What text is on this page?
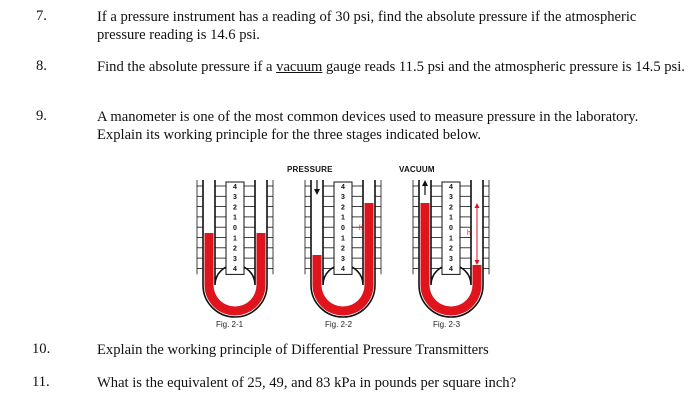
7.	If a pressure instrument has a reading of 30 psi, find the absolute pressure if the atmospheric pressure reading is 14.6 psi.
8.	Find the absolute pressure if a vacuum gauge reads 11.5 psi and the atmospheric pressure is 14.5 psi.
9.	A manometer is one of the most common devices used to measure pressure in the laboratory. Explain its working principle for the three stages indicated below.
PRESSURE	VACUUM
4
3
2
1
0
1
2
3
4
4
3
2
1
0
1
2
3
4
h
4
3
2
1
0
1
2
3
4
h
Fig. 2-1	Fig. 2-2	Fig. 2-3
10.	Explain the working principle of Differential Pressure Transmitters
11.	What is the equivalent of 25, 49, and 83 kPa in pounds per square inch?
